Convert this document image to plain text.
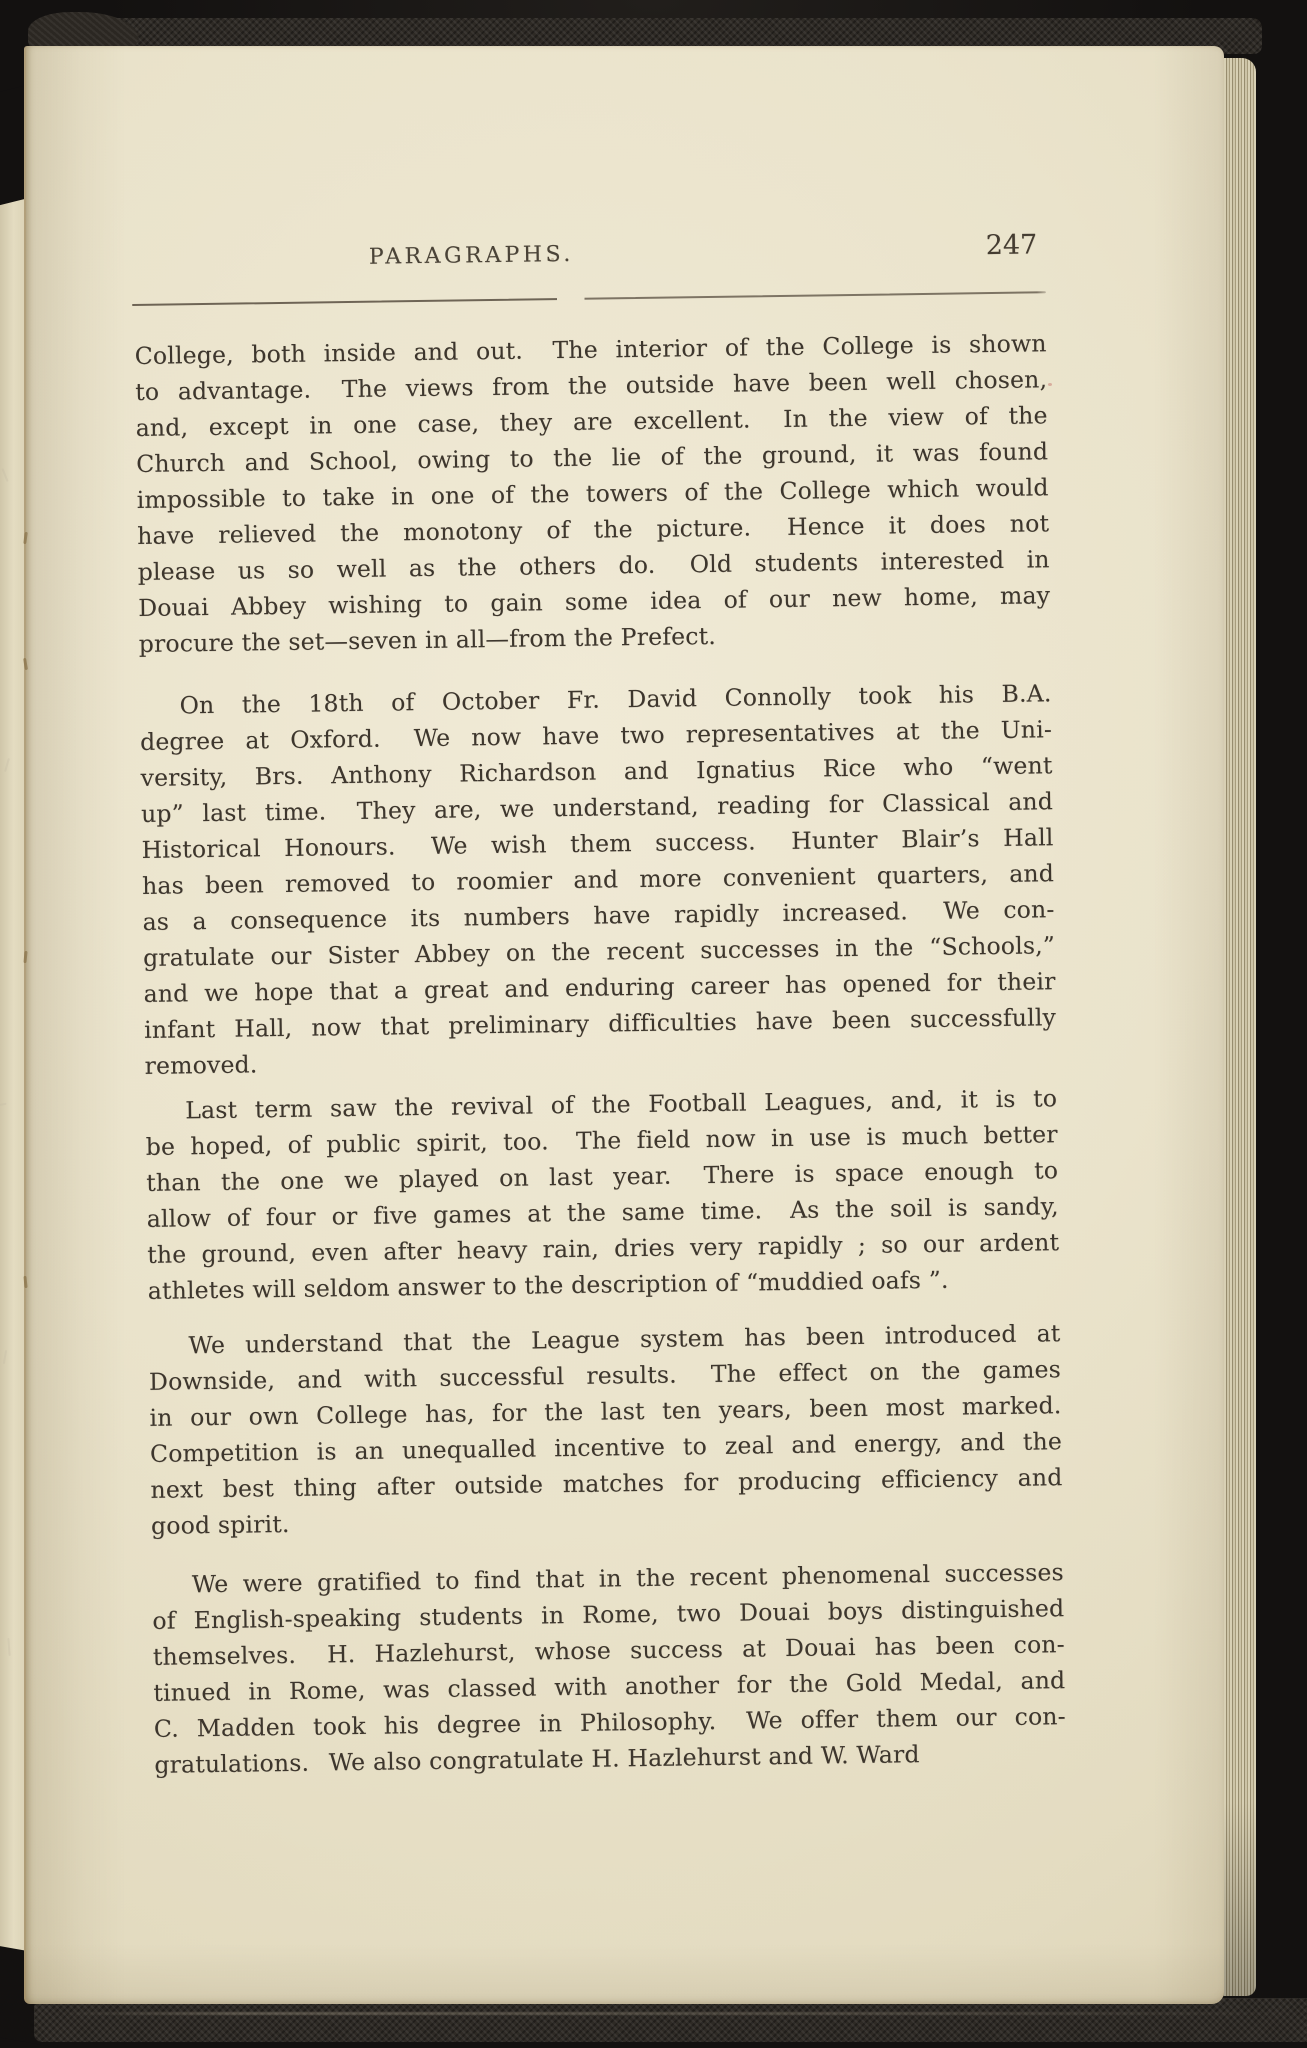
PARAGRAPHS.	247
College, both inside and out.  The interior of the College is shown
to advantage.  The views from the outside have been well chosen,
and, except in one case, they are excellent.  In the view of the
Church and School, owing to the lie of the ground, it was found
impossible to take in one of the towers of the College which would
have relieved the monotony of the picture.  Hence it does not
please us so well as the others do.  Old students interested in
Douai Abbey wishing to gain some idea of our new home, may
procure the set—seven in all—from the Prefect.
On the 18th of October Fr. David Connolly took his B.A.
degree at Oxford.  We now have two representatives at the Uni-
versity, Brs. Anthony Richardson and Ignatius Rice who “went
up” last time.  They are, we understand, reading for Classical and
Historical Honours.  We wish them success.  Hunter Blair’s Hall
has been removed to roomier and more convenient quarters, and
as a consequence its numbers have rapidly increased.  We con-
gratulate our Sister Abbey on the recent successes in the “Schools,”
and we hope that a great and enduring career has opened for their
infant Hall, now that preliminary difficulties have been successfully
removed.
Last term saw the revival of the Football Leagues, and, it is to
be hoped, of public spirit, too.  The field now in use is much better
than the one we played on last year.  There is space enough to
allow of four or five games at the same time.  As the soil is sandy,
the ground, even after heavy rain, dries very rapidly ; so our ardent
athletes will seldom answer to the description of “muddied oafs ”.
We understand that the League system has been introduced at
Downside, and with successful results.  The effect on the games
in our own College has, for the last ten years, been most marked.
Competition is an unequalled incentive to zeal and energy, and the
next best thing after outside matches for producing efficiency and
good spirit.
We were gratified to find that in the recent phenomenal successes
of English-speaking students in Rome, two Douai boys distinguished
themselves.  H. Hazlehurst, whose success at Douai has been con-
tinued in Rome, was classed with another for the Gold Medal, and
C. Madden took his degree in Philosophy.  We offer them our con-
gratulations.  We also congratulate H. Hazlehurst and W. Ward
